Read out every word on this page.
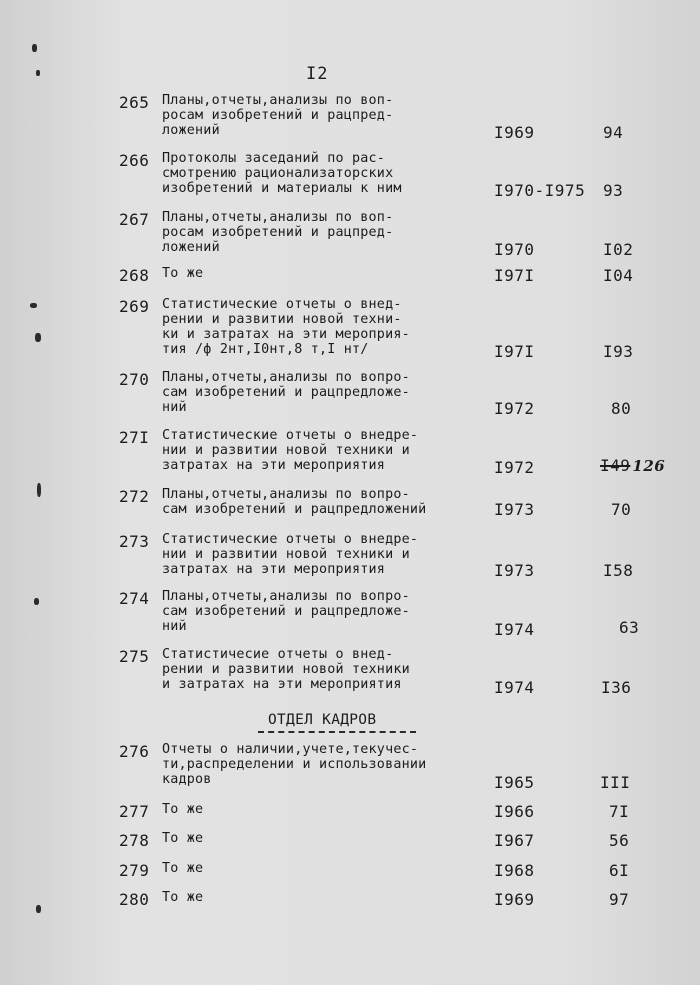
I2
265 Планы,отчеты,анализы по воп-
росам изобретений и рацпред-
ложений	I969	94
266 Протоколы заседаний по рас-
смотрению рационализаторских
изобретений и материалы к ним	I970-I975 93
267 Планы,отчеты,анализы по воп-
росам изобретений и рацпред-
ложений	I970	I02
268 То же	I97I	I04
269 Статистические отчеты о внед-
рении и развитии новой техни-
ки и затратах на эти мероприя-
тия /ф 2нт,I0нт,8 т,I нт/	I97I	I93
270 Планы,отчеты,анализы по вопро-
сам изобретений и рацпредложе-
ний	I972	80
27I Статистические отчеты о внедре-
нии и развитии новой техники и
затратах на эти мероприятия	I972	I49 126
272 Планы,отчеты,анализы по вопро-
сам изобретений и рацпредложений	I973	70
273 Статистические отчеты о внедре-
нии и развитии новой техники и
затратах на эти мероприятия	I973	I58
274 Планы,отчеты,анализы по вопро-
сам изобретений и рацпредложе-
ний	I974	63
275 Статистичесие отчеты о внед-
рении и развитии новой техники
и затратах на эти мероприятия	I974	I36
ОТДЕЛ КАДРОВ
276 Отчеты о наличии,учете,текучес-
ти,распределении и использовании
кадров	I965	III
277 То же	I966	7I
278 То же	I967	56
279 То же	I968	6I
280 То же	I969	97
